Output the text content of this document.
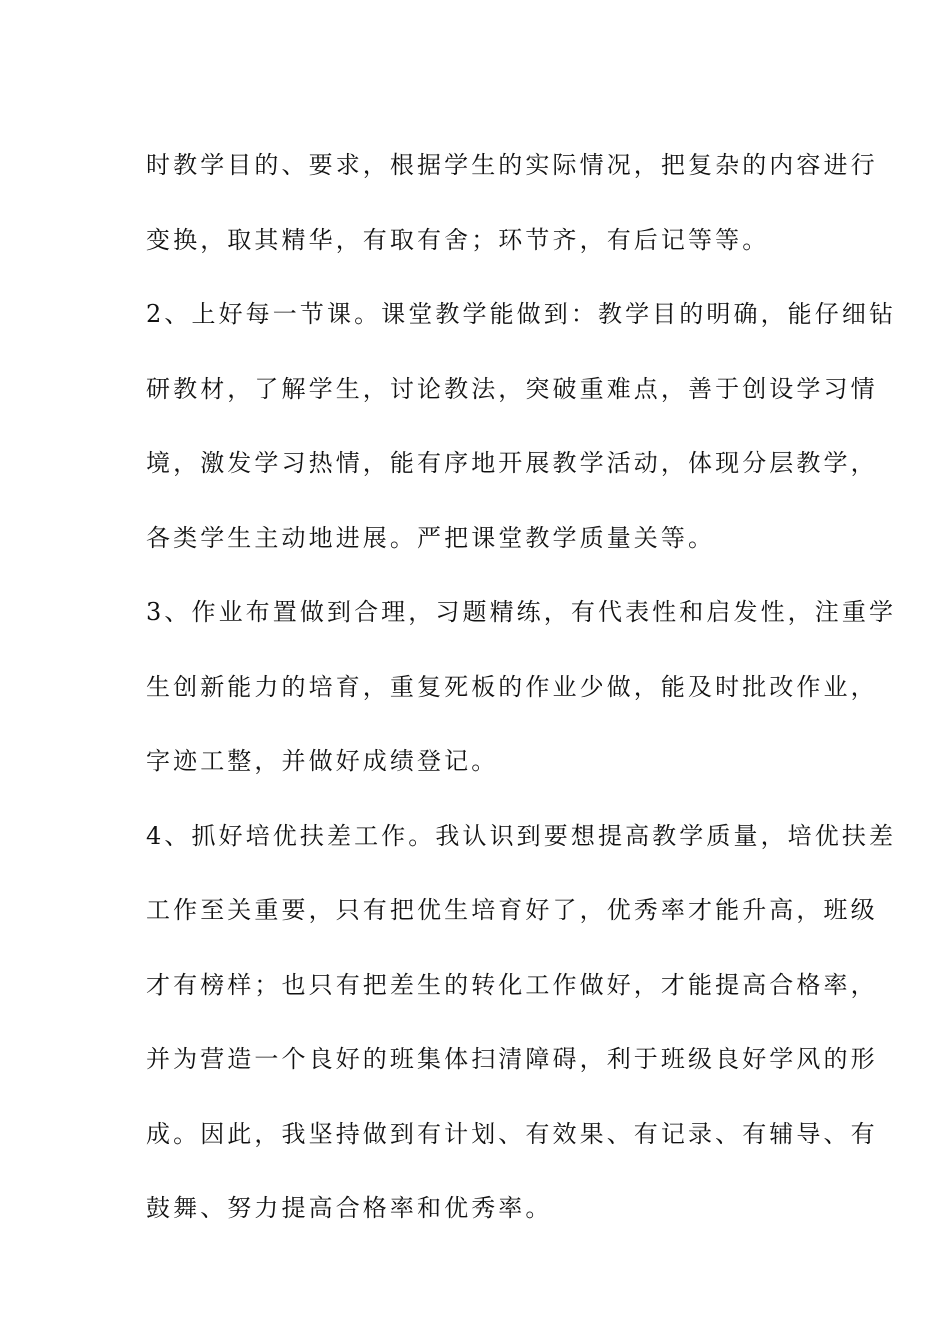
时教学目的、要求，根据学生的实际情况，把复杂的内容进行
变换，取其精华，有取有舍；环节齐，有后记等等。
2、上好每一节课。课堂教学能做到：教学目的明确，能仔细钻
研教材，了解学生，讨论教法，突破重难点，善于创设学习情
境，激发学习热情，能有序地开展教学活动，体现分层教学，
各类学生主动地进展。严把课堂教学质量关等。
3、作业布置做到合理，习题精练，有代表性和启发性，注重学
生创新能力的培育，重复死板的作业少做，能及时批改作业，
字迹工整，并做好成绩登记。
4、抓好培优扶差工作。我认识到要想提高教学质量，培优扶差
工作至关重要，只有把优生培育好了，优秀率才能升高，班级
才有榜样；也只有把差生的转化工作做好，才能提高合格率，
并为营造一个良好的班集体扫清障碍，利于班级良好学风的形
成。因此，我坚持做到有计划、有效果、有记录、有辅导、有
鼓舞、努力提高合格率和优秀率。
